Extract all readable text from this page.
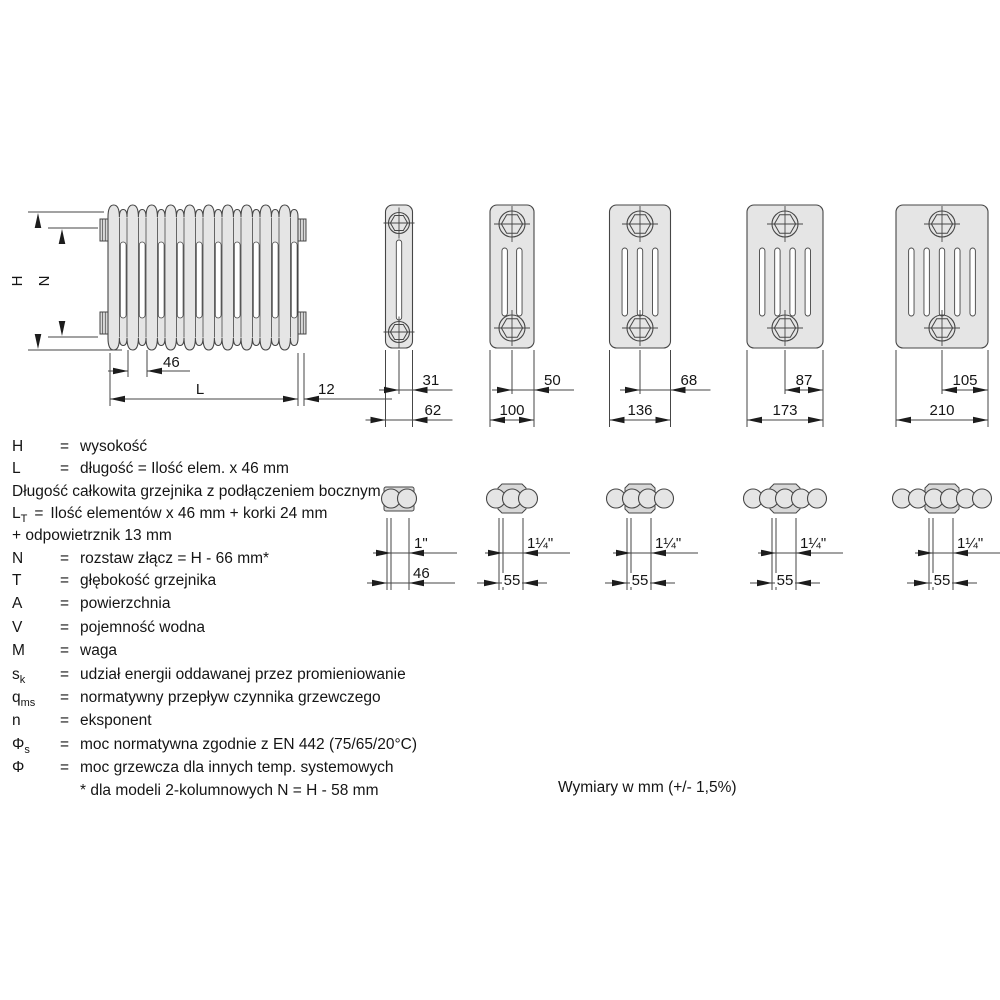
H N
46
L	12
31
62
50
100
68
136
87
173
105
210
1"
46
1¼"
55
1¼"
55
1¼"
55
1¼"
55
H = wysokość
L	= długość = Ilość elem. x 46 mm
Długość całkowita grzejnika z podłączeniem bocznym
$L_T$ = Ilość elementów x 46 mm + korki 24 mm
+ odpowietrznik 13 mm
N = rozstaw złącz = H - 66 mm*
T = głębokość grzejnika
A = powierzchnia
V = pojemność wodna
M = waga
$s_k$ = udział energii oddawanej przez promieniowanie
$q_{ms}$ = normatywny przepływ czynnika grzewczego
n	= eksponent
$\Phi_s$ = moc normatywna zgodnie z EN 442 (75/65/20°C)
Φ = moc grzewcza dla innych temp. systemowych
* dla modeli 2-kolumnowych N = H - 58 mm	Wymiary w mm (+/- 1,5%)
